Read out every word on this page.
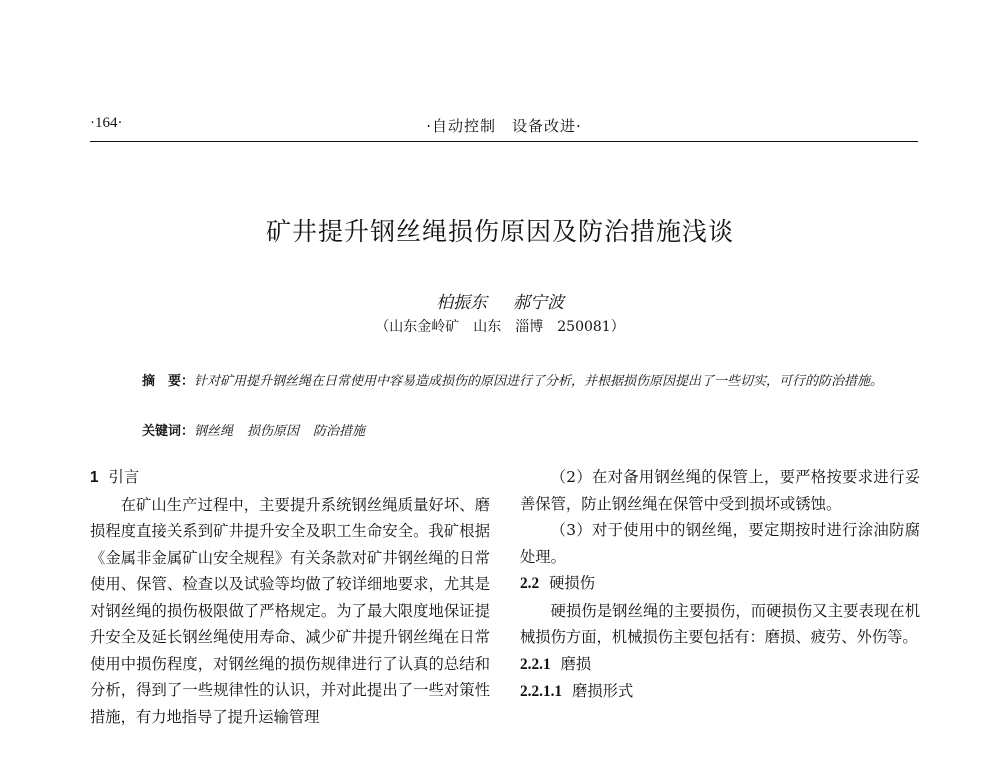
·164·	·自动控制　设备改进·
矿井提升钢丝绳损伤原因及防治措施浅谈
柏振东 郝宁波
（山东金岭矿　山东　淄博　250081）
摘　要：针对矿用提升钢丝绳在日常使用中容易造成损伤的原因进行了分析，并根据损伤原因提出了一些切实，可行的防治措施。
关键词：钢丝绳 损伤原因 防治措施
1 引言

在矿山生产过程中，主要提升系统钢丝绳质量好坏、磨损程度直接关系到矿井提升安全及职工生命安全。我矿根据《金属非金属矿山安全规程》有关条款对矿井钢丝绳的日常使用、保管、检查以及试验等均做了较详细地要求，尤其是对钢丝绳的损伤极限做了严格规定。为了最大限度地保证提升安全及延长钢丝绳使用寿命、减少矿井提升钢丝绳在日常使用中损伤程度，对钢丝绳的损伤规律进行了认真的总结和分析，得到了一些规律性的认识，并对此提出了一些对策性措施，有力地指导了提升运输管理

（2）在对备用钢丝绳的保管上，要严格按要求进行妥善保管，防止钢丝绳在保管中受到损坏或锈蚀。

（3）对于使用中的钢丝绳，要定期按时进行涂油防腐处理。

2.2 硬损伤

硬损伤是钢丝绳的主要损伤，而硬损伤又主要表现在机械损伤方面，机械损伤主要包括有：磨损、疲劳、外伤等。

2.2.1 磨损
2.2.1.1 磨损形式
